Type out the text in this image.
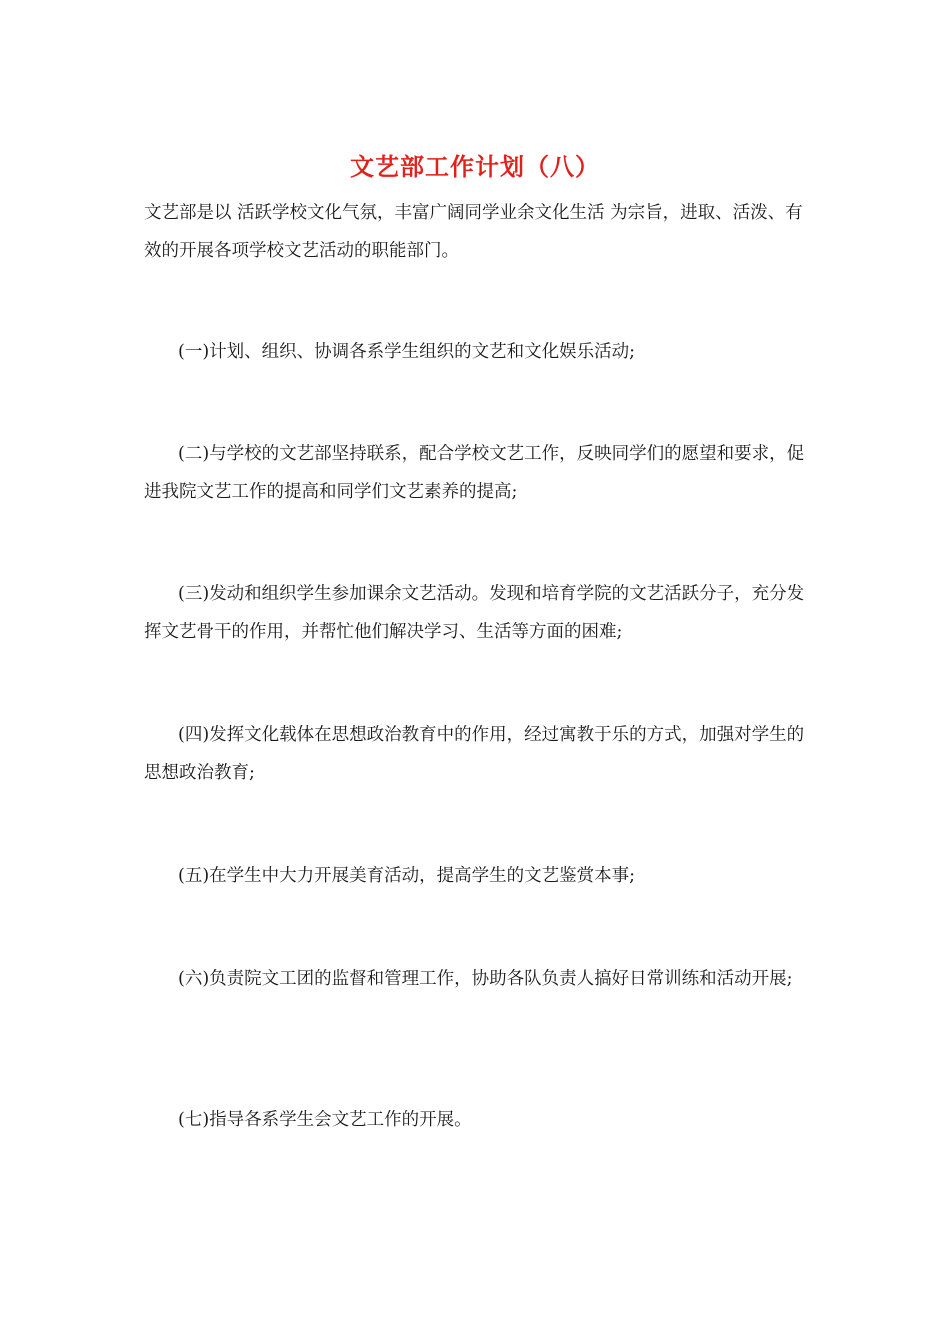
文艺部工作计划（八）

文艺部是以 活跃学校文化气氛，丰富广阔同学业余文化生活 为宗旨，进取、活泼、有效的开展各项学校文艺活动的职能部门。

(一)计划、组织、协调各系学生组织的文艺和文化娱乐活动;

(二)与学校的文艺部坚持联系，配合学校文艺工作，反映同学们的愿望和要求，促进我院文艺工作的提高和同学们文艺素养的提高;

(三)发动和组织学生参加课余文艺活动。发现和培育学院的文艺活跃分子，充分发挥文艺骨干的作用，并帮忙他们解决学习、生活等方面的困难;

(四)发挥文化载体在思想政治教育中的作用，经过寓教于乐的方式，加强对学生的思想政治教育;

(五)在学生中大力开展美育活动，提高学生的文艺鉴赏本事;

(六)负责院文工团的监督和管理工作，协助各队负责人搞好日常训练和活动开展;

(七)指导各系学生会文艺工作的开展。
